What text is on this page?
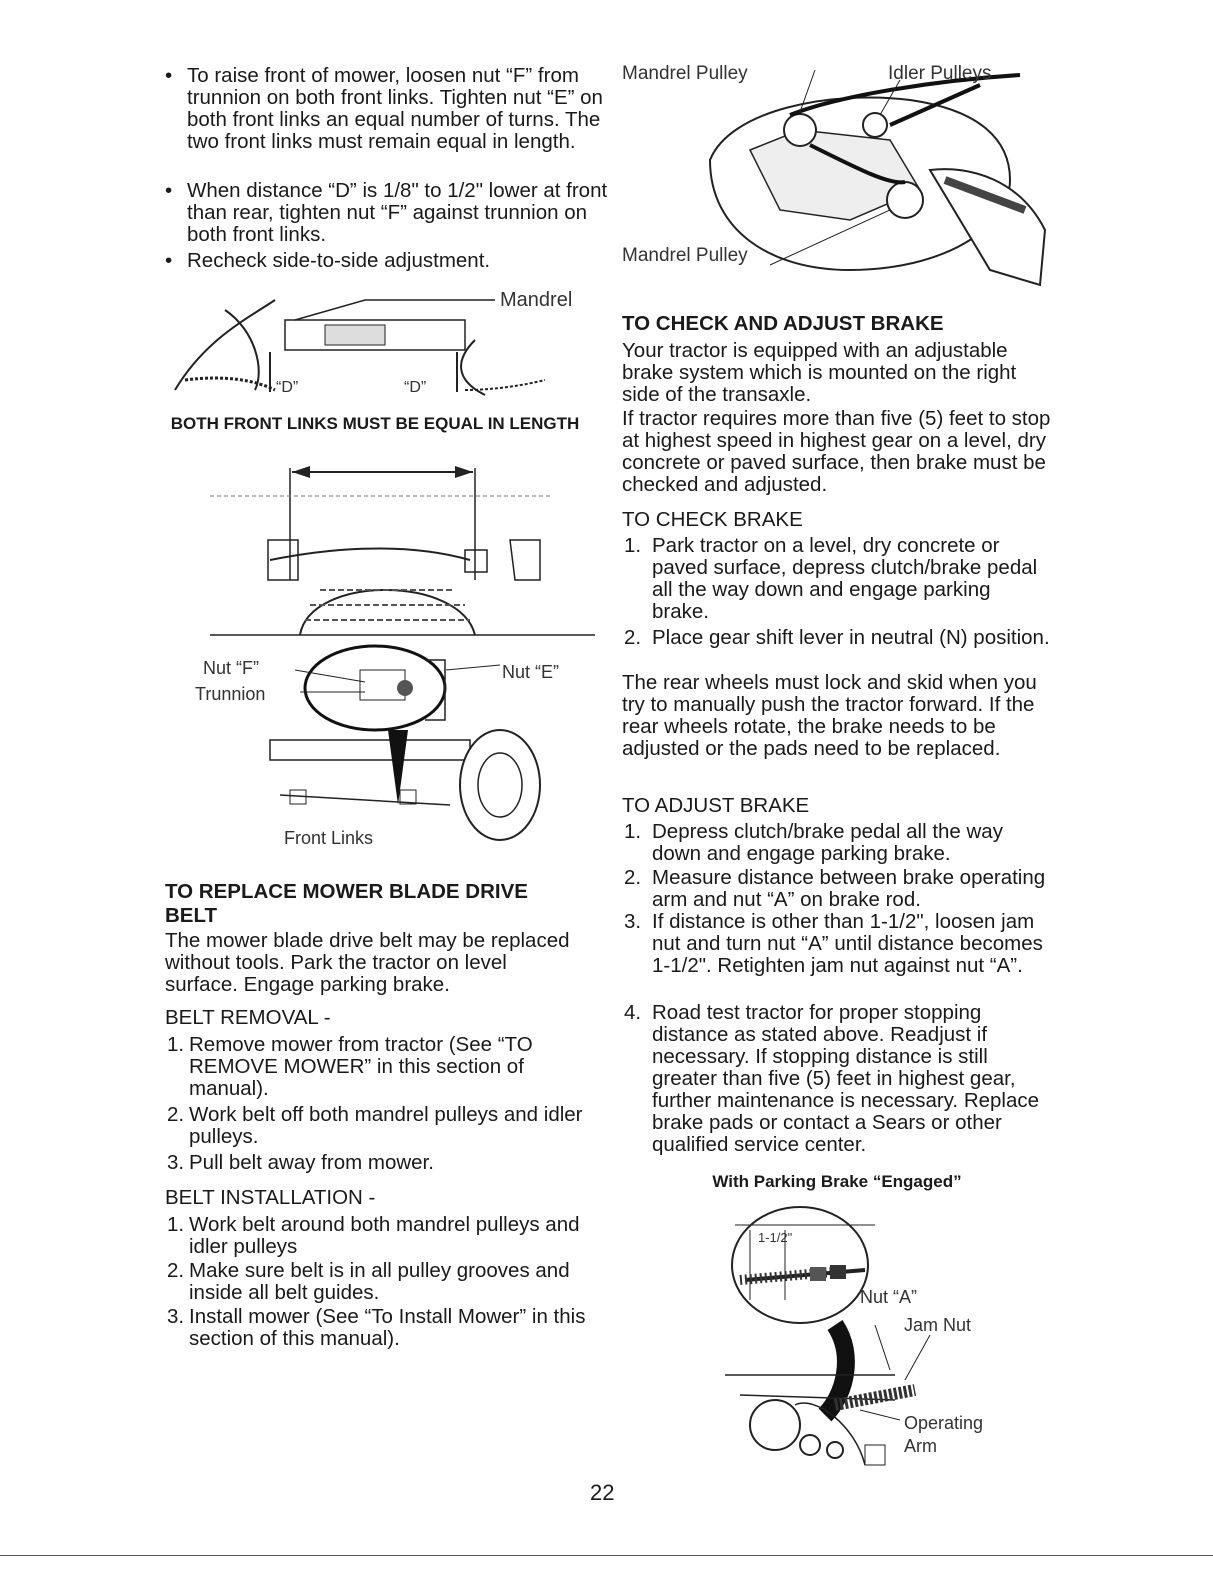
• To raise front of mower, loosen nut “F” from trunnion on both front links. Tighten nut “E” on both front links an equal number of turns. The two front links must remain equal in length.
• When distance “D” is 1/8" to 1/2" lower at front than rear, tighten nut “F” against trunnion on both front links.
• Recheck side-to-side adjustment.
Mandrel
“D”	“D”
BOTH FRONT LINKS MUST BE EQUAL IN LENGTH
Nut “F”	Nut “E”
Trunnion
Front Links
TO REPLACE MOWER BLADE DRIVE BELT
The mower blade drive belt may be replaced without tools. Park the tractor on level surface. Engage parking brake.
BELT REMOVAL -
1. Remove mower from tractor (See “TO REMOVE MOWER” in this section of manual).
2. Work belt off both mandrel pulleys and idler pulleys.
3. Pull belt away from mower.
BELT INSTALLATION -
1. Work belt around both mandrel pulleys and idler pulleys
2. Make sure belt is in all pulley grooves and inside all belt guides.
3. Install mower (See “To Install Mower” in this section of this manual).
Mandrel Pulley	Idler Pulleys
Mandrel Pulley
TO CHECK AND ADJUST BRAKE
Your tractor is equipped with an adjustable brake system which is mounted on the right side of the transaxle.
If tractor requires more than five (5) feet to stop at highest speed in highest gear on a level, dry concrete or paved surface, then brake must be checked and adjusted.
TO CHECK BRAKE
1. Park tractor on a level, dry concrete or paved surface, depress clutch/brake pedal all the way down and engage parking brake.
2. Place gear shift lever in neutral (N) position.
The rear wheels must lock and skid when you try to manually push the tractor forward. If the rear wheels rotate, the brake needs to be adjusted or the pads need to be replaced.
TO ADJUST BRAKE
1. Depress clutch/brake pedal all the way down and engage parking brake.
2. Measure distance between brake operating arm and nut “A” on brake rod.
3. If distance is other than 1-1/2", loosen jam nut and turn nut “A” until distance becomes 1-1/2". Retighten jam nut against nut “A”.
4. Road test tractor for proper stopping distance as stated above. Readjust if necessary. If stopping distance is still greater than five (5) feet in highest gear, further maintenance is necessary. Replace brake pads or contact a Sears or other qualified service center.
With Parking Brake “Engaged”
1-1/2"
Nut “A”
Jam Nut
Operating
Arm
22
